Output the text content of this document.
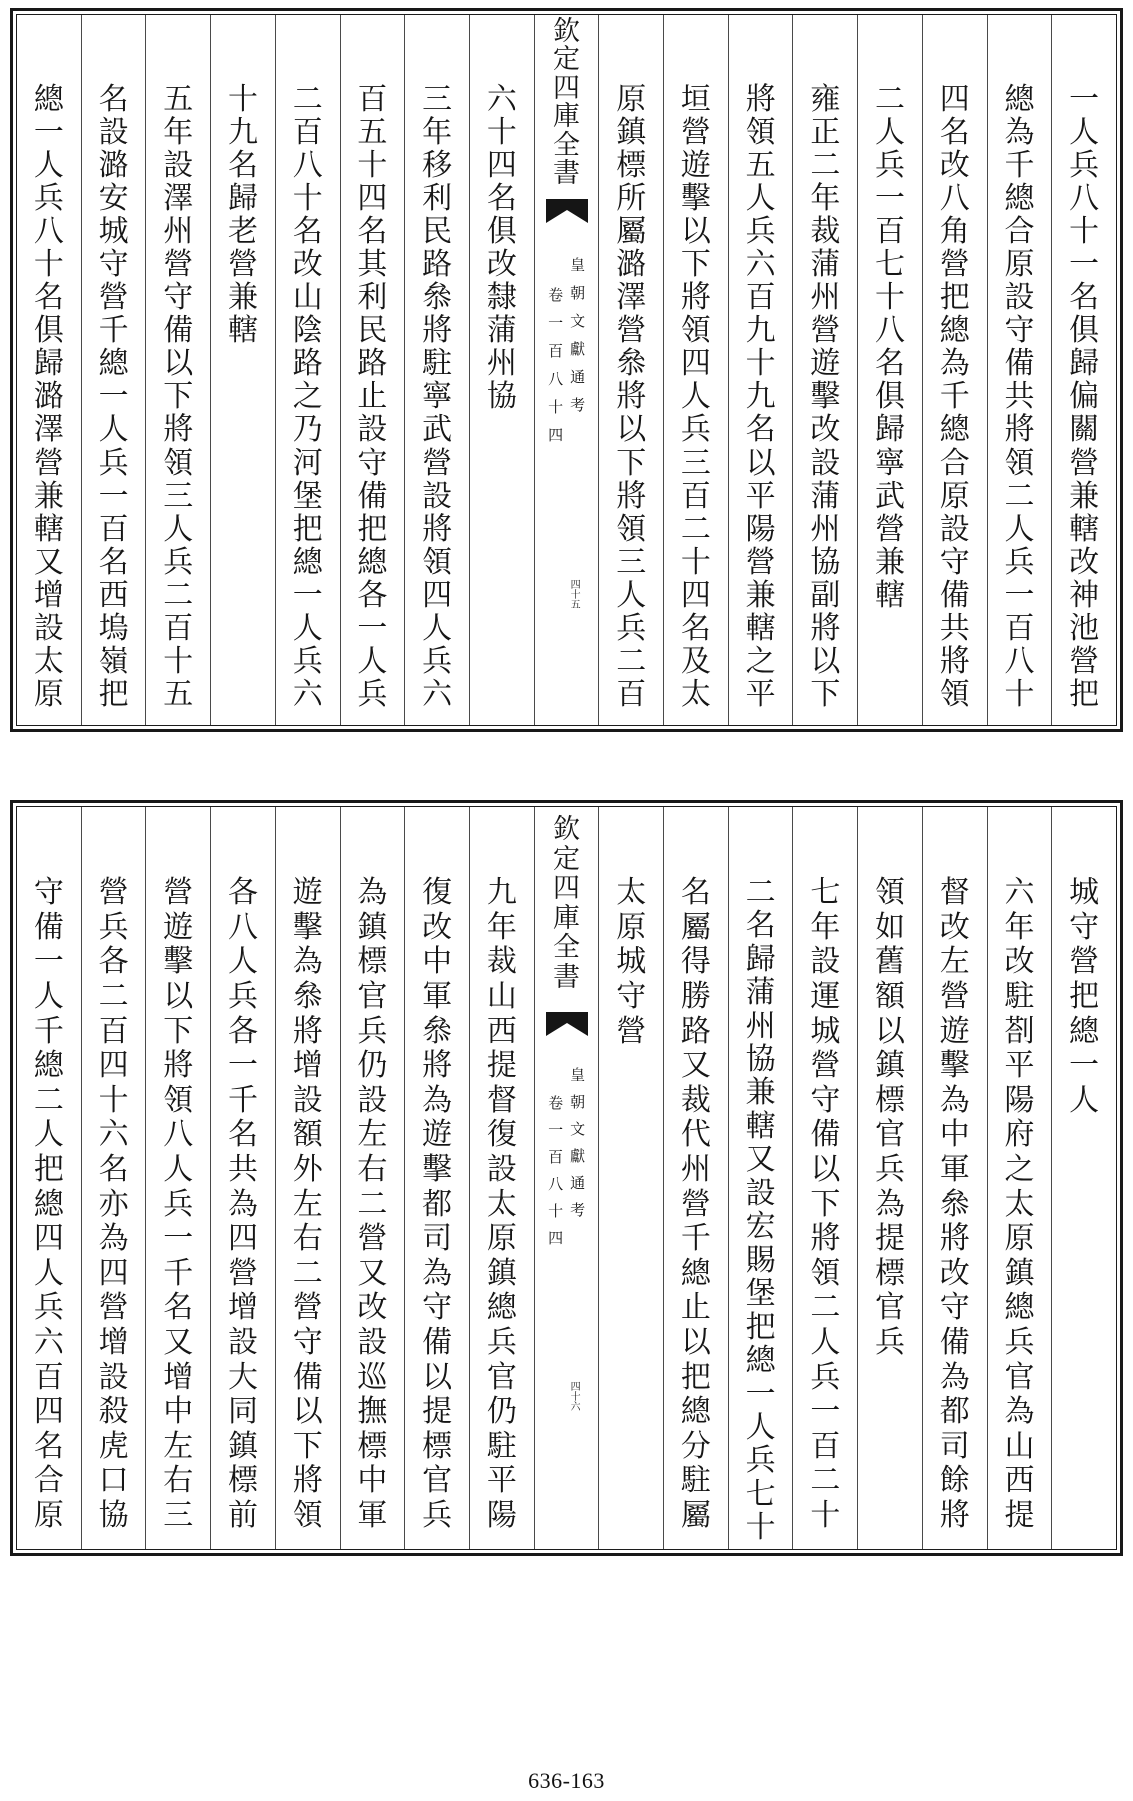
一
人
兵
八
十
一
名
俱
歸
偏
關
營
兼
轄
改
神
池
營
把
總
為
千
總
合
原
設
守
備
共
將
領
二
人
兵
一
百
八
十
四
名
改
八
角
營
把
總
為
千
總
合
原
設
守
備
共
將
領
二
人
兵
一
百
七
十
八
名
俱
歸
寧
武
營
兼
轄
雍
正
二
年
裁
蒲
州
營
遊
擊
改
設
蒲
州
協
副
將
以
下
將
領
五
人
兵
六
百
九
十
九
名
以
平
陽
營
兼
轄
之
平
垣
營
遊
擊
以
下
將
領
四
人
兵
三
百
二
十
四
名
及
太
原
鎮
標
所
屬
潞
澤
營
叅
將
以
下
將
領
三
人
兵
二
百
欽
定
四
庫
全
書
皇
朝
文
獻
通
考
卷
一
百
八
十
四
四
十
五
六
十
四
名
俱
改
隸
蒲
州
協
三
年
移
利
民
路
叅
將
駐
寧
武
營
設
將
領
四
人
兵
六
百
五
十
四
名
其
利
民
路
止
設
守
備
把
總
各
一
人
兵
二
百
八
十
名
改
山
陰
路
之
乃
河
堡
把
總
一
人
兵
六
十
九
名
歸
老
營
兼
轄
五
年
設
澤
州
營
守
備
以
下
將
領
三
人
兵
二
百
十
五
名
設
潞
安
城
守
營
千
總
一
人
兵
一
百
名
西
塢
嶺
把
總
一
人
兵
八
十
名
俱
歸
潞
澤
營
兼
轄
又
增
設
太
原
城
守
營
把
總
一
人
六
年
改
駐
剳
平
陽
府
之
太
原
鎮
總
兵
官
為
山
西
提
督
改
左
營
遊
擊
為
中
軍
叅
將
改
守
備
為
都
司
餘
將
領
如
舊
額
以
鎮
標
官
兵
為
提
標
官
兵
七
年
設
運
城
營
守
備
以
下
將
領
二
人
兵
一
百
二
十
二
名
歸
蒲
州
協
兼
轄
又
設
宏
賜
堡
把
總
一
人
兵
七
十
名
屬
得
勝
路
又
裁
代
州
營
千
總
止
以
把
總
分
駐
屬
太
原
城
守
營
欽
定
四
庫
全
書
皇
朝
文
獻
通
考
卷
一
百
八
十
四
四
十
六
九
年
裁
山
西
提
督
復
設
太
原
鎮
總
兵
官
仍
駐
平
陽
復
改
中
軍
叅
將
為
遊
擊
都
司
為
守
備
以
提
標
官
兵
為
鎮
標
官
兵
仍
設
左
右
二
營
又
改
設
巡
撫
標
中
軍
遊
擊
為
叅
將
增
設
額
外
左
右
二
營
守
備
以
下
將
領
各
八
人
兵
各
一
千
名
共
為
四
營
增
設
大
同
鎮
標
前
營
遊
擊
以
下
將
領
八
人
兵
一
千
名
又
增
中
左
右
三
營
兵
各
二
百
四
十
六
名
亦
為
四
營
增
設
殺
虎
口
協
守
備
一
人
千
總
二
人
把
總
四
人
兵
六
百
四
名
合
原
636-163
